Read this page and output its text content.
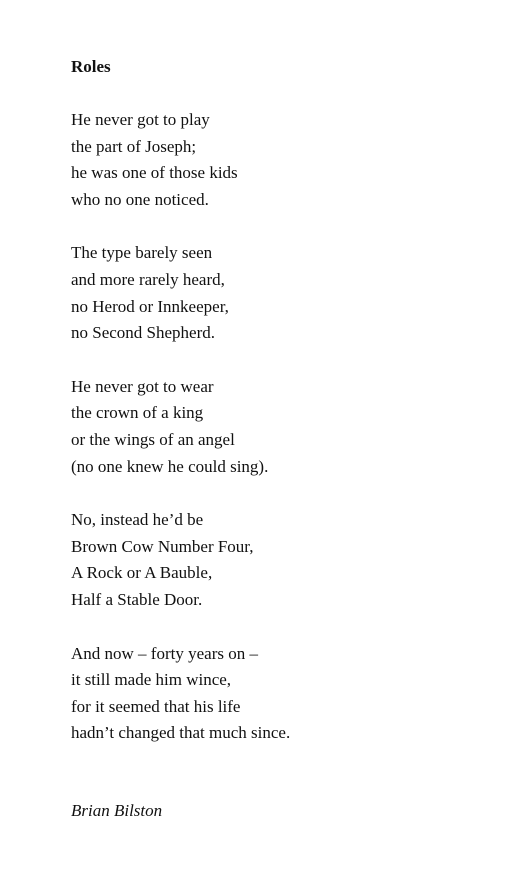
Roles
He never got to play
the part of Joseph;
he was one of those kids
who no one noticed.
The type barely seen
and more rarely heard,
no Herod or Innkeeper,
no Second Shepherd.
He never got to wear
the crown of a king
or the wings of an angel
(no one knew he could sing).
No, instead he’d be
Brown Cow Number Four,
A Rock or A Bauble,
Half a Stable Door.
And now – forty years on –
it still made him wince,
for it seemed that his life
hadn’t changed that much since.
Brian Bilston
